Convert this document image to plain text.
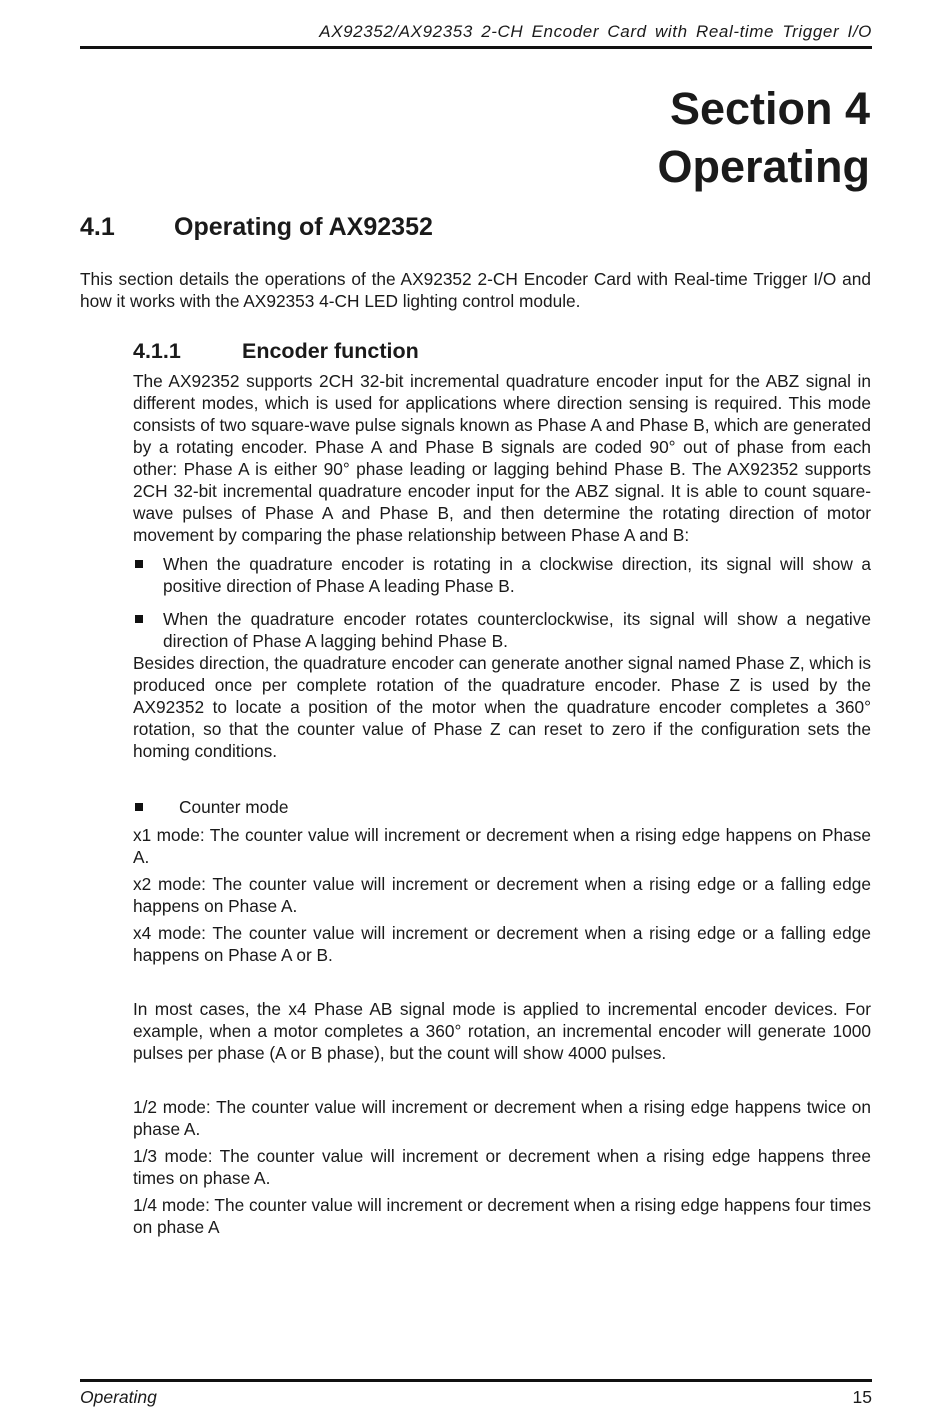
AX92352/AX92353 2-CH Encoder Card with Real-time Trigger I/O
Section 4
Operating
4.1 Operating of AX92352

This section details the operations of the AX92352 2-CH Encoder Card with Real-time Trigger I/O and how it works with the AX92353 4-CH LED lighting control module.

4.1.1	Encoder function

The AX92352 supports 2CH 32-bit incremental quadrature encoder input for the ABZ signal in different modes, which is used for applications where direction sensing is required. This mode consists of two square-wave pulse signals known as Phase A and Phase B, which are generated by a rotating encoder. Phase A and Phase B signals are coded 90° out of phase from each other: Phase A is either 90° phase leading or lagging behind Phase B. The AX92352 supports 2CH 32-bit incremental quadrature encoder input for the ABZ signal. It is able to count square-wave pulses of Phase A and Phase B, and then determine the rotating direction of motor movement by comparing the phase relationship between Phase A and B:

When the quadrature encoder is rotating in a clockwise direction, its signal will show a positive direction of Phase A leading Phase B.
When the quadrature encoder rotates counterclockwise, its signal will show a negative direction of Phase A lagging behind Phase B.

Besides direction, the quadrature encoder can generate another signal named Phase Z, which is produced once per complete rotation of the quadrature encoder. Phase Z is used by the AX92352 to locate a position of the motor when the quadrature encoder completes a 360° rotation, so that the counter value of Phase Z can reset to zero if the configuration sets the homing conditions.

Counter mode

x1 mode: The counter value will increment or decrement when a rising edge happens on Phase A.

x2 mode: The counter value will increment or decrement when a rising edge or a falling edge happens on Phase A.

x4 mode: The counter value will increment or decrement when a rising edge or a falling edge happens on Phase A or B.

In most cases, the x4 Phase AB signal mode is applied to incremental encoder devices. For example, when a motor completes a 360° rotation, an incremental encoder will generate 1000 pulses per phase (A or B phase), but the count will show 4000 pulses.

1/2 mode: The counter value will increment or decrement when a rising edge happens twice on phase A.

1/3 mode: The counter value will increment or decrement when a rising edge happens three times on phase A.

1/4 mode: The counter value will increment or decrement when a rising edge happens four times on phase A

Operating	15
